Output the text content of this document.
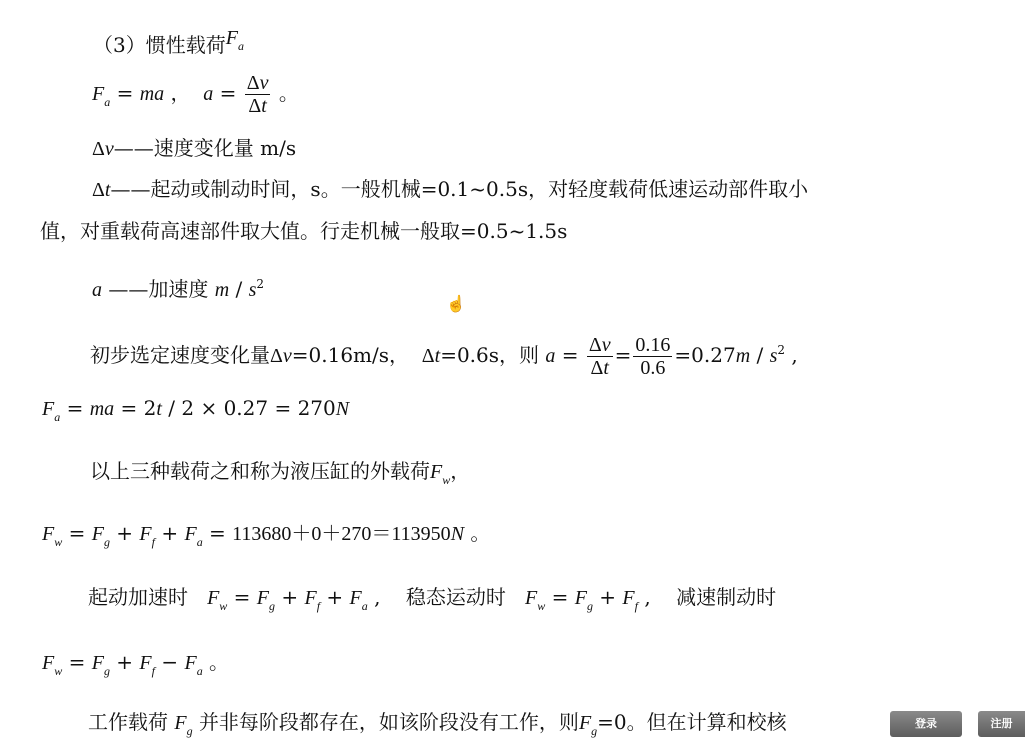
（3）惯性载荷$F_a$
$F_a$ = ma ，  $a = \frac{\Delta v}{\Delta t}$ 。
Δv——速度变化量 m/s
Δt——起动或制动时间，s。一般机械=0.1~0.5s，对轻度载荷低速运动部件取小
值，对重载荷高速部件取大值。行走机械一般取=0.5~1.5s
a ——加速度 m / $s^2$
☝
初步选定速度变化量Δv=0.16m/s， Δt=0.6s，则 $a = \frac{\Delta v}{\Delta t} = \frac{0.16}{0.6} =0.27m / s^2$ ,
$F_a$ = ma = 2t / 2 × 0.27 = 270N
以上三种载荷之和称为液压缸的外载荷$F_w$，
$F_w = F_g + F_f + F_a = 113680+0+270=113950N$ 。
起动加速时 $F_w = F_g + F_f + F_a$ ,    稳态运动时 $F_w = F_g + F_f$ ,    减速制动时
$F_w = F_g + F_f - F_a$ 。
工作载荷 $F_g$ 并非每阶段都存在，如该阶段没有工作，则$F_g=0$。但在计算和校核	登录	注册
